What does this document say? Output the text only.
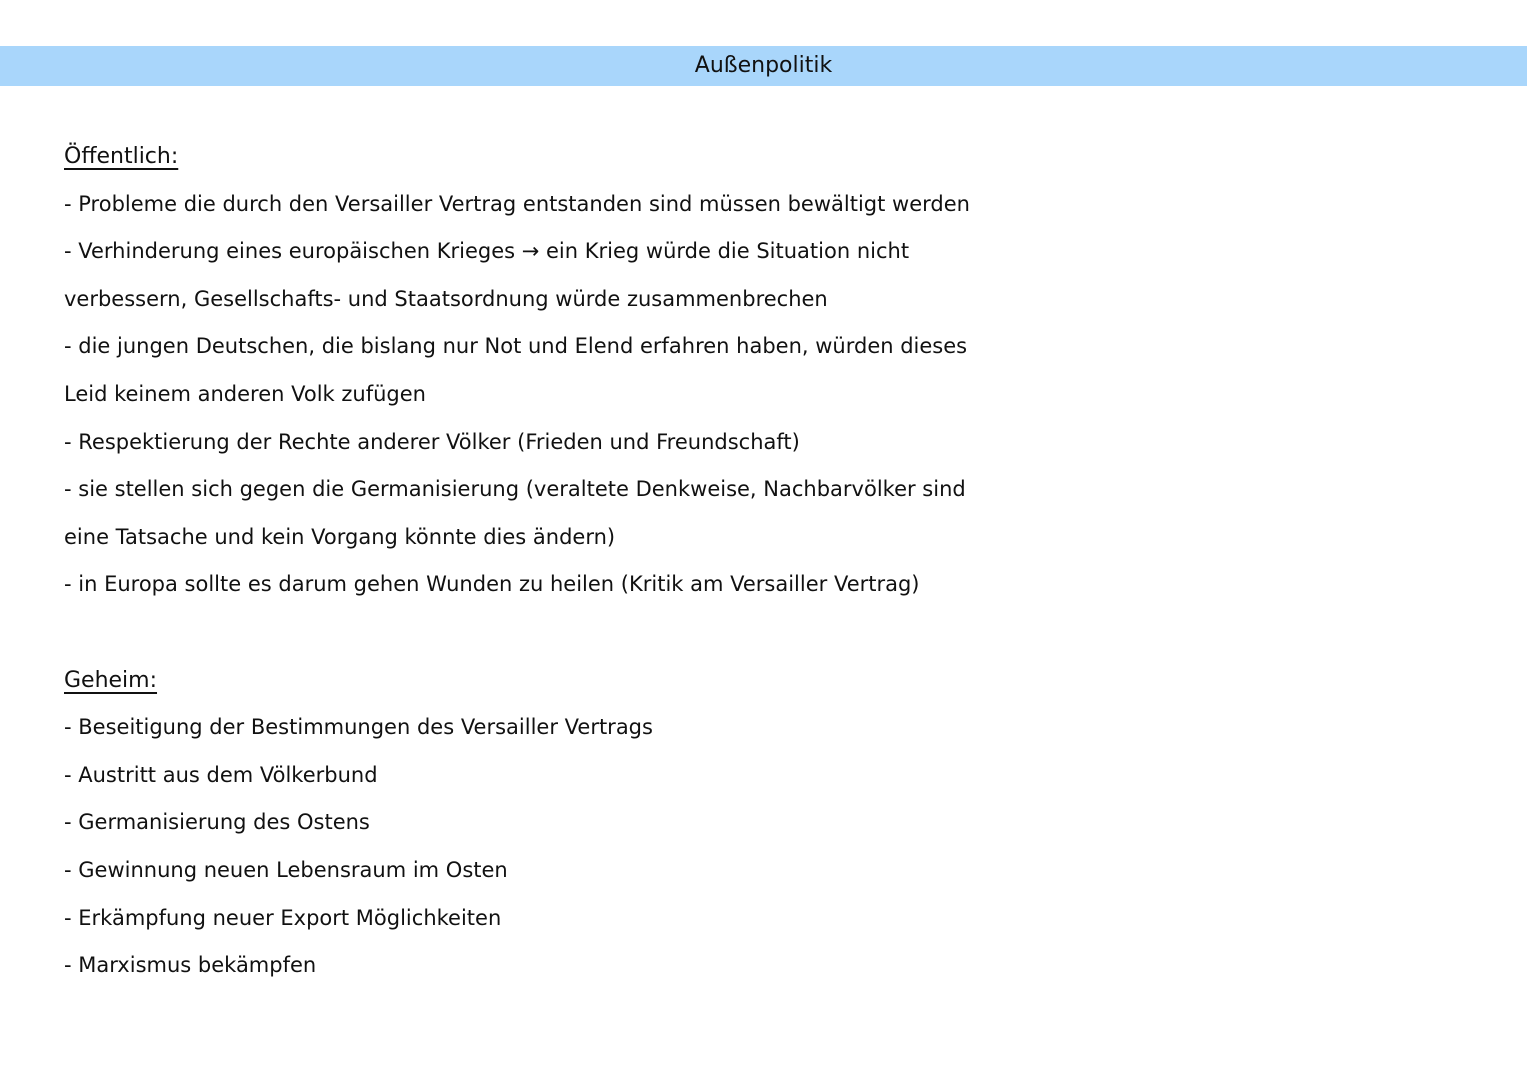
Außenpolitik
Öffentlich:
- Probleme die durch den Versailler Vertrag entstanden sind müssen bewältigt werden
- Verhinderung eines europäischen Krieges → ein Krieg würde die Situation nicht
verbessern, Gesellschafts- und Staatsordnung würde zusammenbrechen
- die jungen Deutschen, die bislang nur Not und Elend erfahren haben, würden dieses
Leid keinem anderen Volk zufügen
- Respektierung der Rechte anderer Völker (Frieden und Freundschaft)
- sie stellen sich gegen die Germanisierung (veraltete Denkweise, Nachbarvölker sind
eine Tatsache und kein Vorgang könnte dies ändern)
- in Europa sollte es darum gehen Wunden zu heilen (Kritik am Versailler Vertrag)
Geheim:
- Beseitigung der Bestimmungen des Versailler Vertrags
- Austritt aus dem Völkerbund
- Germanisierung des Ostens
- Gewinnung neuen Lebensraum im Osten
- Erkämpfung neuer Export Möglichkeiten
- Marxismus bekämpfen
